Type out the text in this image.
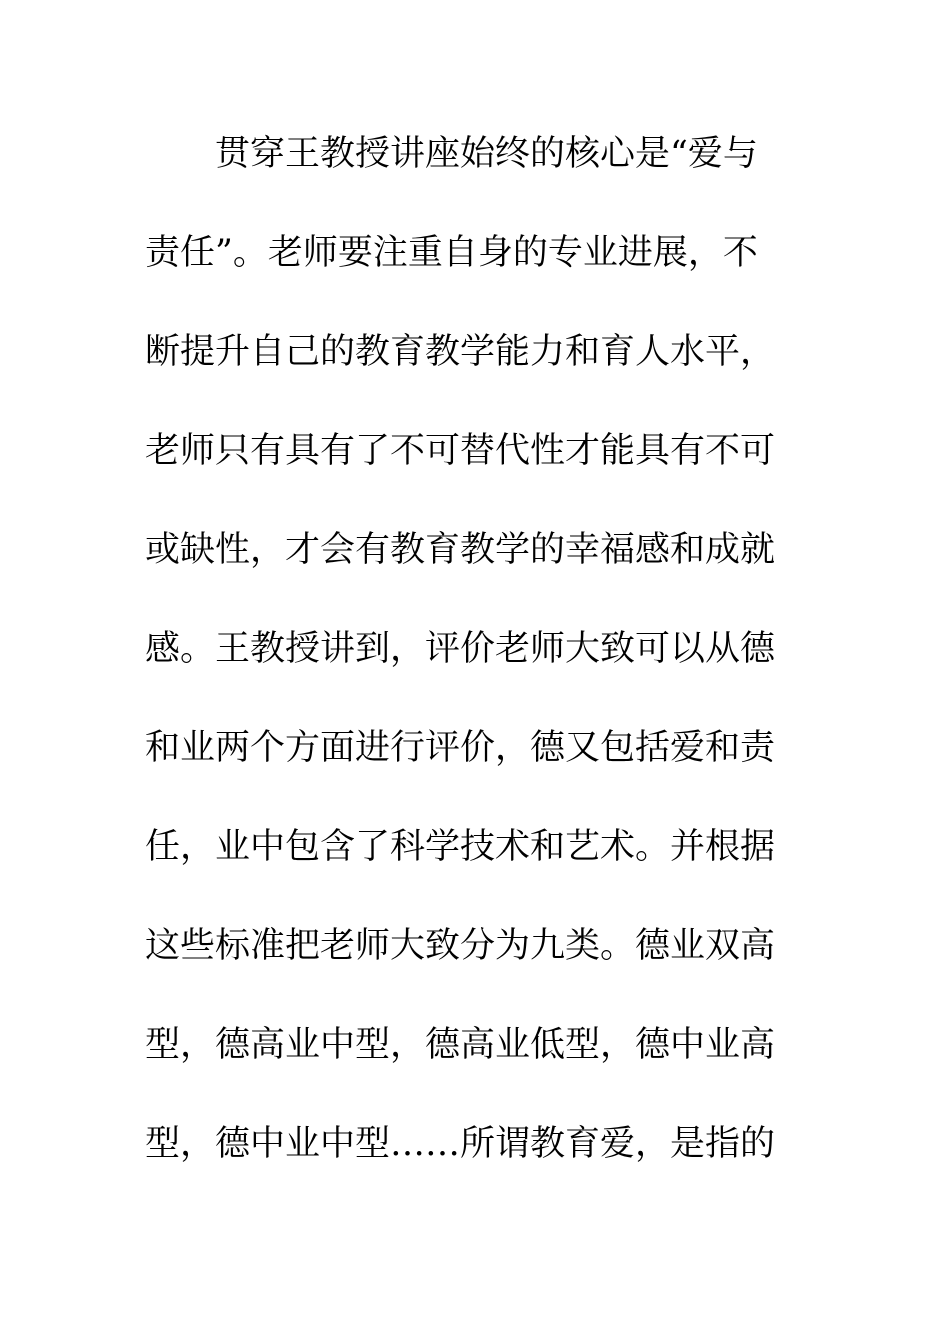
贯穿王教授讲座始终的核心是“爱与
责任”。老师要注重自身的专业进展，不
断提升自己的教育教学能力和育人水平，
老师只有具有了不可替代性才能具有不可
或缺性，才会有教育教学的幸福感和成就
感。王教授讲到，评价老师大致可以从德
和业两个方面进行评价，德又包括爱和责
任，业中包含了科学技术和艺术。并根据
这些标准把老师大致分为九类。德业双高
型，德高业中型，德高业低型，德中业高
型，德中业中型……所谓教育爱，是指的
